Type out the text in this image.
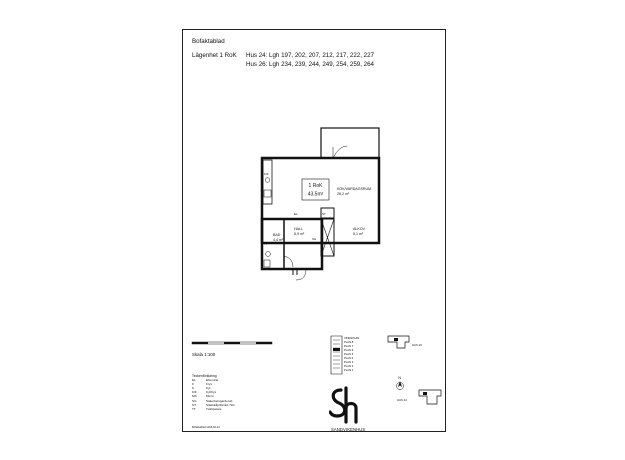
Bofaktablad
Lägenhet 1 RoK Hus 24: Lgh 197, 202, 207, 212, 217, 222, 227
Hus 26: Lgh 234, 239, 244, 249, 254, 259, 264
1 RoK
43,5m²
KÖK/VARDAGSRUM
26,2 m²
HALL
5,9 m²
BAD
4,4 m²
ALKOV
5,1 m²
K/F
EL	ST
SG
TT
VINDSPLAN
PLAN 8
PLAN 7
PLAN 6
PLAN 5
PLAN 4
PLAN 3
PLAN 2
PLAN 1
HUS 26
HUS 24
N
Skala 1:100
Teckenförklaring
EL	Elcentral
F	Frys
K	Kyl
K/F	Kyl/frys
MS	Micro
SG	Säkerhetsgarderob
ST	Städskåp/förråd i SG
TT	Tvättpelare
SANDVIKENHUS
Bofaktablad 2015-02-13
